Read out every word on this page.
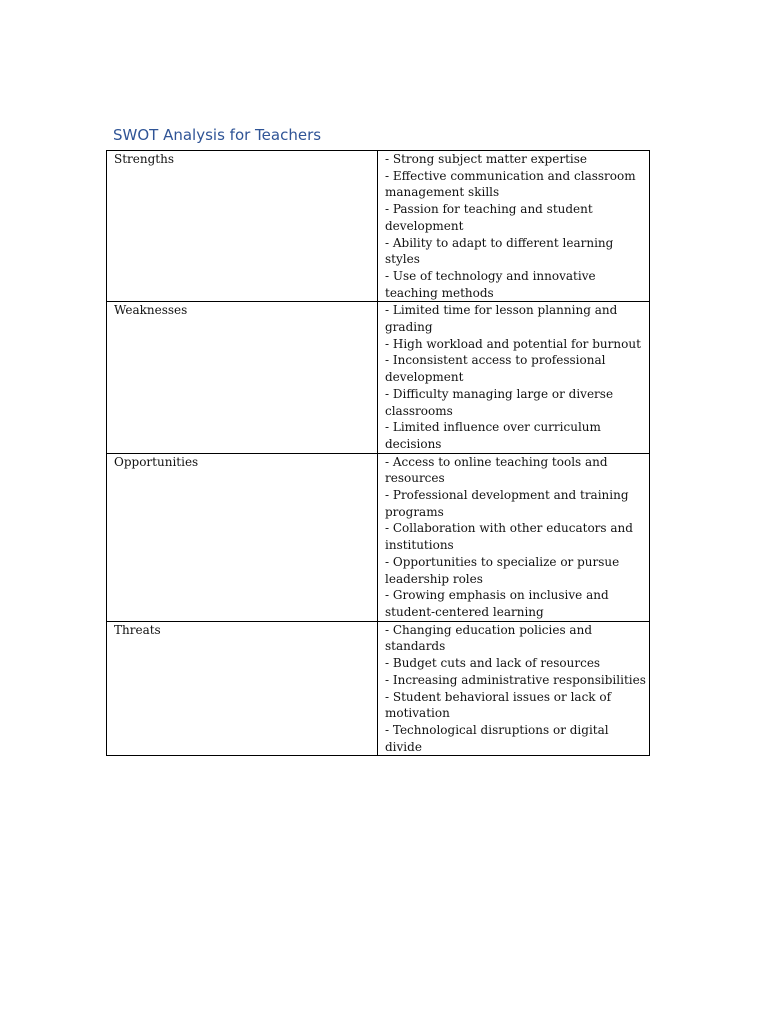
SWOT Analysis for Teachers
Strengths	- Strong subject matter expertise
- Effective communication and classroom management skills
- Passion for teaching and student development
- Ability to adapt to different learning styles
- Use of technology and innovative teaching methods

Weaknesses	- Limited time for lesson planning and grading
- High workload and potential for burnout
- Inconsistent access to professional development
- Difficulty managing large or diverse classrooms
- Limited influence over curriculum decisions

Opportunities	- Access to online teaching tools and resources
- Professional development and training programs
- Collaboration with other educators and institutions
- Opportunities to specialize or pursue leadership roles
- Growing emphasis on inclusive and student-centered learning

Threats	- Changing education policies and standards
- Budget cuts and lack of resources
- Increasing administrative responsibilities
- Student behavioral issues or lack of motivation
- Technological disruptions or digital divide
